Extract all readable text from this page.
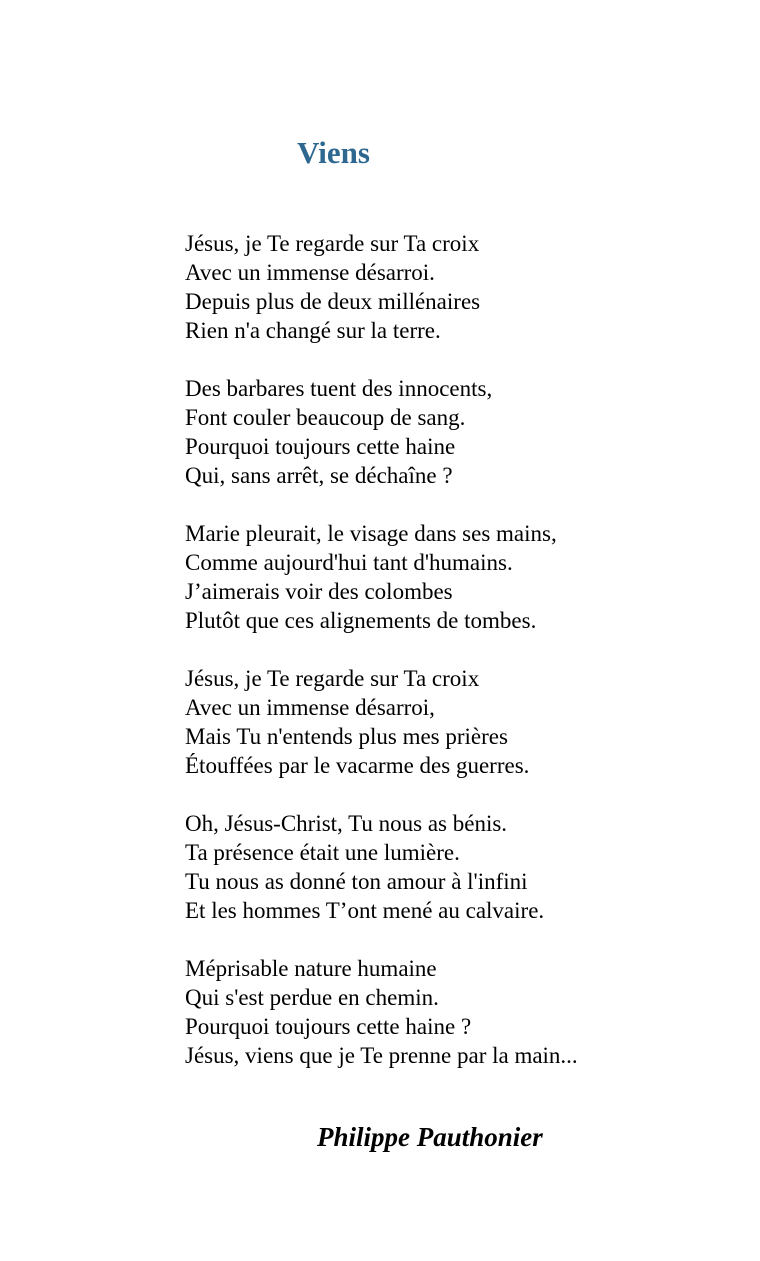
Viens
Jésus, je Te regarde sur Ta croix
Avec un immense désarroi.
Depuis plus de deux millénaires
Rien n'a changé sur la terre.
Des barbares tuent des innocents,
Font couler beaucoup de sang.
Pourquoi toujours cette haine
Qui, sans arrêt, se déchaîne ?
Marie pleurait, le visage dans ses mains,
Comme aujourd'hui tant d'humains.
J’aimerais voir des colombes
Plutôt que ces alignements de tombes.
Jésus, je Te regarde sur Ta croix
Avec un immense désarroi,
Mais Tu n'entends plus mes prières
Étouffées par le vacarme des guerres.
Oh, Jésus-Christ, Tu nous as bénis.
Ta présence était une lumière.
Tu nous as donné ton amour à l'infini
Et les hommes T’ont mené au calvaire.
Méprisable nature humaine
Qui s'est perdue en chemin.
Pourquoi toujours cette haine ?
Jésus, viens que je Te prenne par la main...

Philippe Pauthonier
